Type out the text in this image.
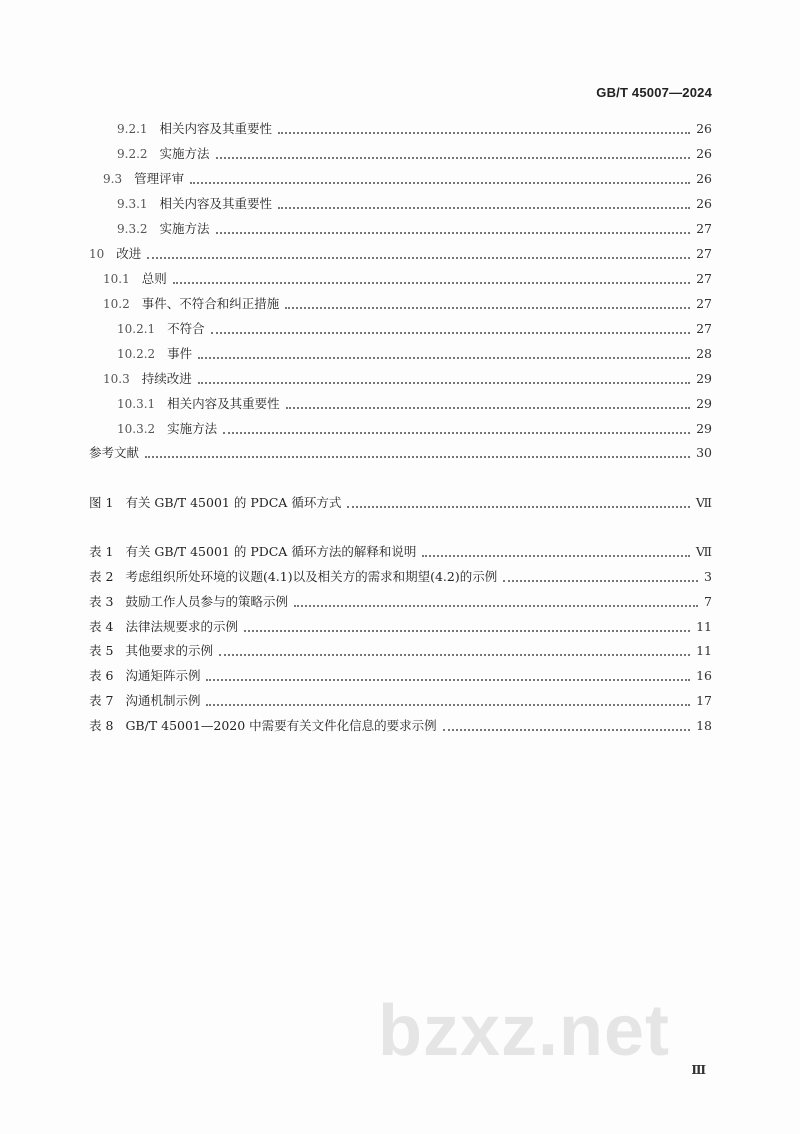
GB/T 45007—2024
9.2.1 相关内容及其重要性	26
9.2.2 实施方法	26
9.3 管理评审	26
9.3.1 相关内容及其重要性	26
9.3.2 实施方法	27
10 改进	27
10.1 总则	27
10.2 事件、不符合和纠正措施	27
10.2.1 不符合	27
10.2.2 事件	28
10.3 持续改进	29
10.3.1 相关内容及其重要性	29
10.3.2 实施方法	29
参考文献	30
图 1 有关 GB/T 45001 的 PDCA 循环方式	Ⅶ
表 1 有关 GB/T 45001 的 PDCA 循环方法的解释和说明	Ⅶ
表 2 考虑组织所处环境的议题(4.1)以及相关方的需求和期望(4.2)的示例	3
表 3 鼓励工作人员参与的策略示例	7
表 4 法律法规要求的示例	11
表 5 其他要求的示例	11
表 6 沟通矩阵示例	16
表 7 沟通机制示例	17
表 8 GB/T 45001—2020 中需要有关文件化信息的要求示例	18
bzxz.net Ⅲ
